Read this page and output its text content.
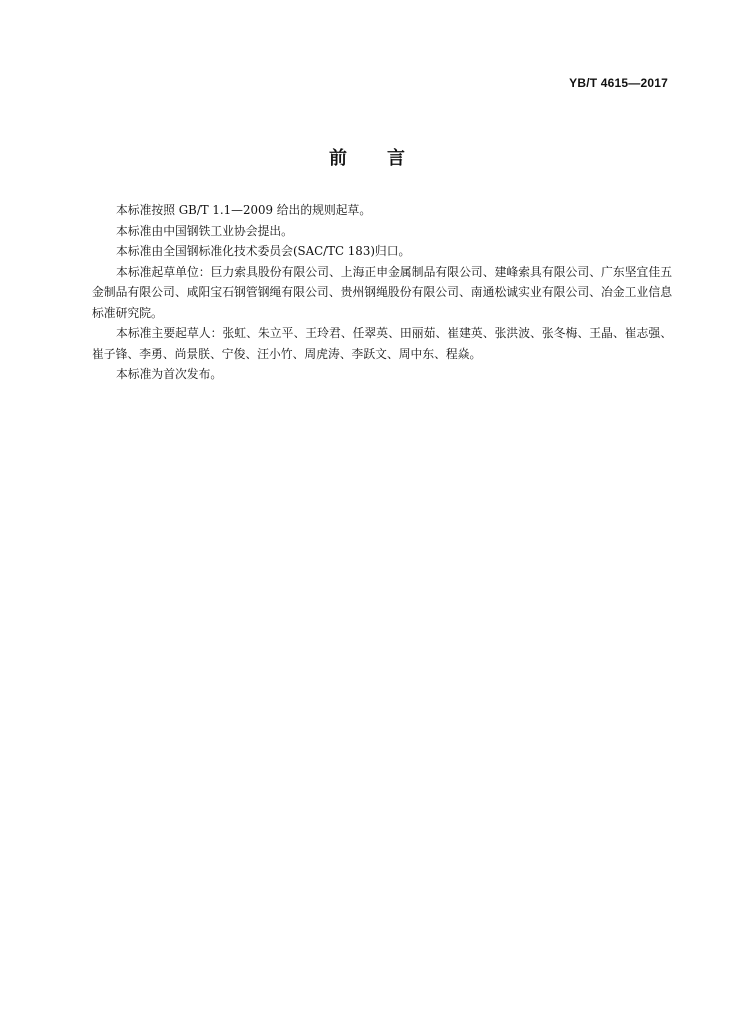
YB/T 4615—2017
前言

本标准按照 GB/T 1.1—2009 给出的规则起草。

本标准由中国钢铁工业协会提出。

本标准由全国钢标准化技术委员会(SAC/TC 183)归口。

本标准起草单位：巨力索具股份有限公司、上海正申金属制品有限公司、建峰索具有限公司、广东坚宜佳五金制品有限公司、咸阳宝石钢管钢绳有限公司、贵州钢绳股份有限公司、南通松诚实业有限公司、冶金工业信息标准研究院。

本标准主要起草人：张虹、朱立平、王玲君、任翠英、田丽茹、崔建英、张洪波、张冬梅、王晶、崔志强、崔子锋、李勇、尚景朕、宁俊、汪小竹、周虎涛、李跃文、周中东、程焱。

本标准为首次发布。
